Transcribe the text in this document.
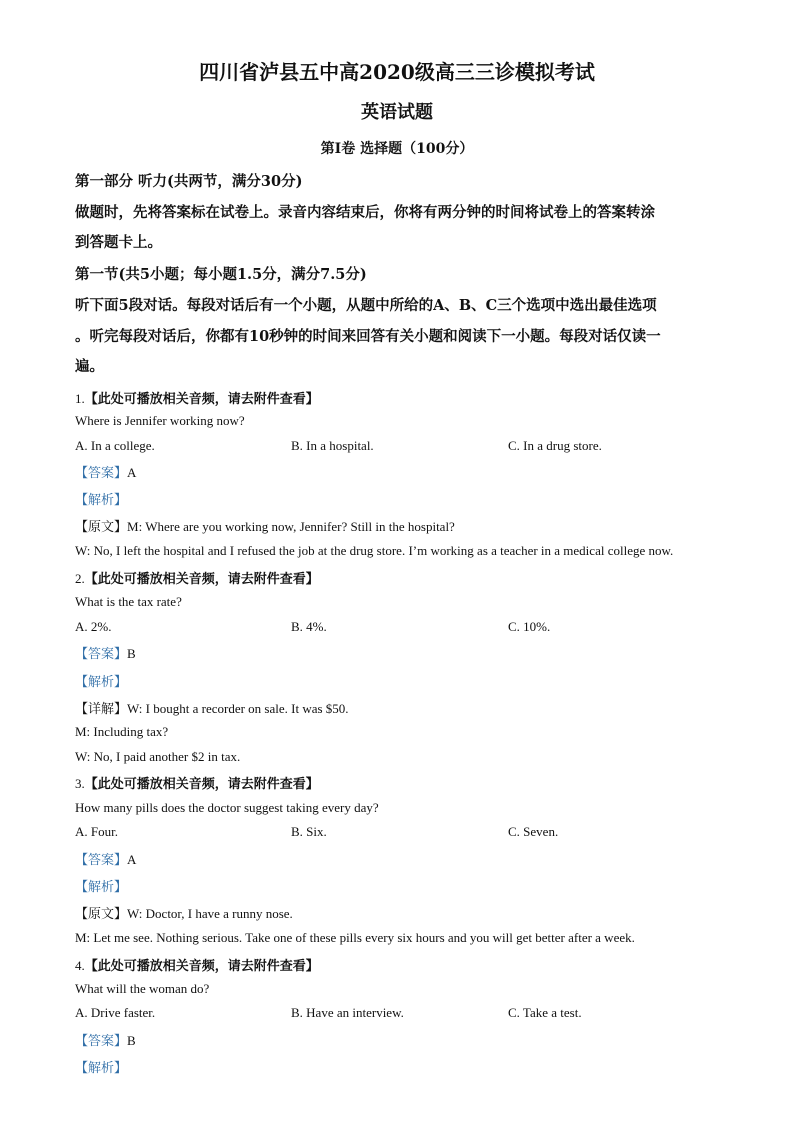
四川省泸县五中高2020级高三三诊模拟考试
英语试题
第I卷 选择题（100分）
第一部分 听力(共两节，满分30分)
做题时，先将答案标在试卷上。录音内容结束后，你将有两分钟的时间将试卷上的答案转涂
到答题卡上。
第一节(共5小题；每小题1.5分，满分7.5分)
听下面5段对话。每段对话后有一个小题，从题中所给的A、B、C三个选项中选出最佳选项
。听完每段对话后，你都有10秒钟的时间来回答有关小题和阅读下一小题。每段对话仅读一
遍。
1.【此处可播放相关音频，请去附件查看】
Where is Jennifer working now?
A. In a college.	B. In a hospital.	C. In a drug store.
【答案】A
【解析】
【原文】M: Where are you working now, Jennifer? Still in the hospital?
W: No, I left the hospital and I refused the job at the drug store. I’m working as a teacher in a medical college now.
2.【此处可播放相关音频，请去附件查看】
What is the tax rate?
A. 2%.	B. 4%.	C. 10%.
【答案】B
【解析】
【详解】W: I bought a recorder on sale. It was $50.
M: Including tax?
W: No, I paid another $2 in tax.
3.【此处可播放相关音频，请去附件查看】
How many pills does the doctor suggest taking every day?
A. Four.	B. Six.	C. Seven.
【答案】A
【解析】
【原文】W: Doctor, I have a runny nose.
M: Let me see. Nothing serious. Take one of these pills every six hours and you will get better after a week.
4.【此处可播放相关音频，请去附件查看】
What will the woman do?
A. Drive faster.	B. Have an interview.	C. Take a test.
【答案】B
【解析】
